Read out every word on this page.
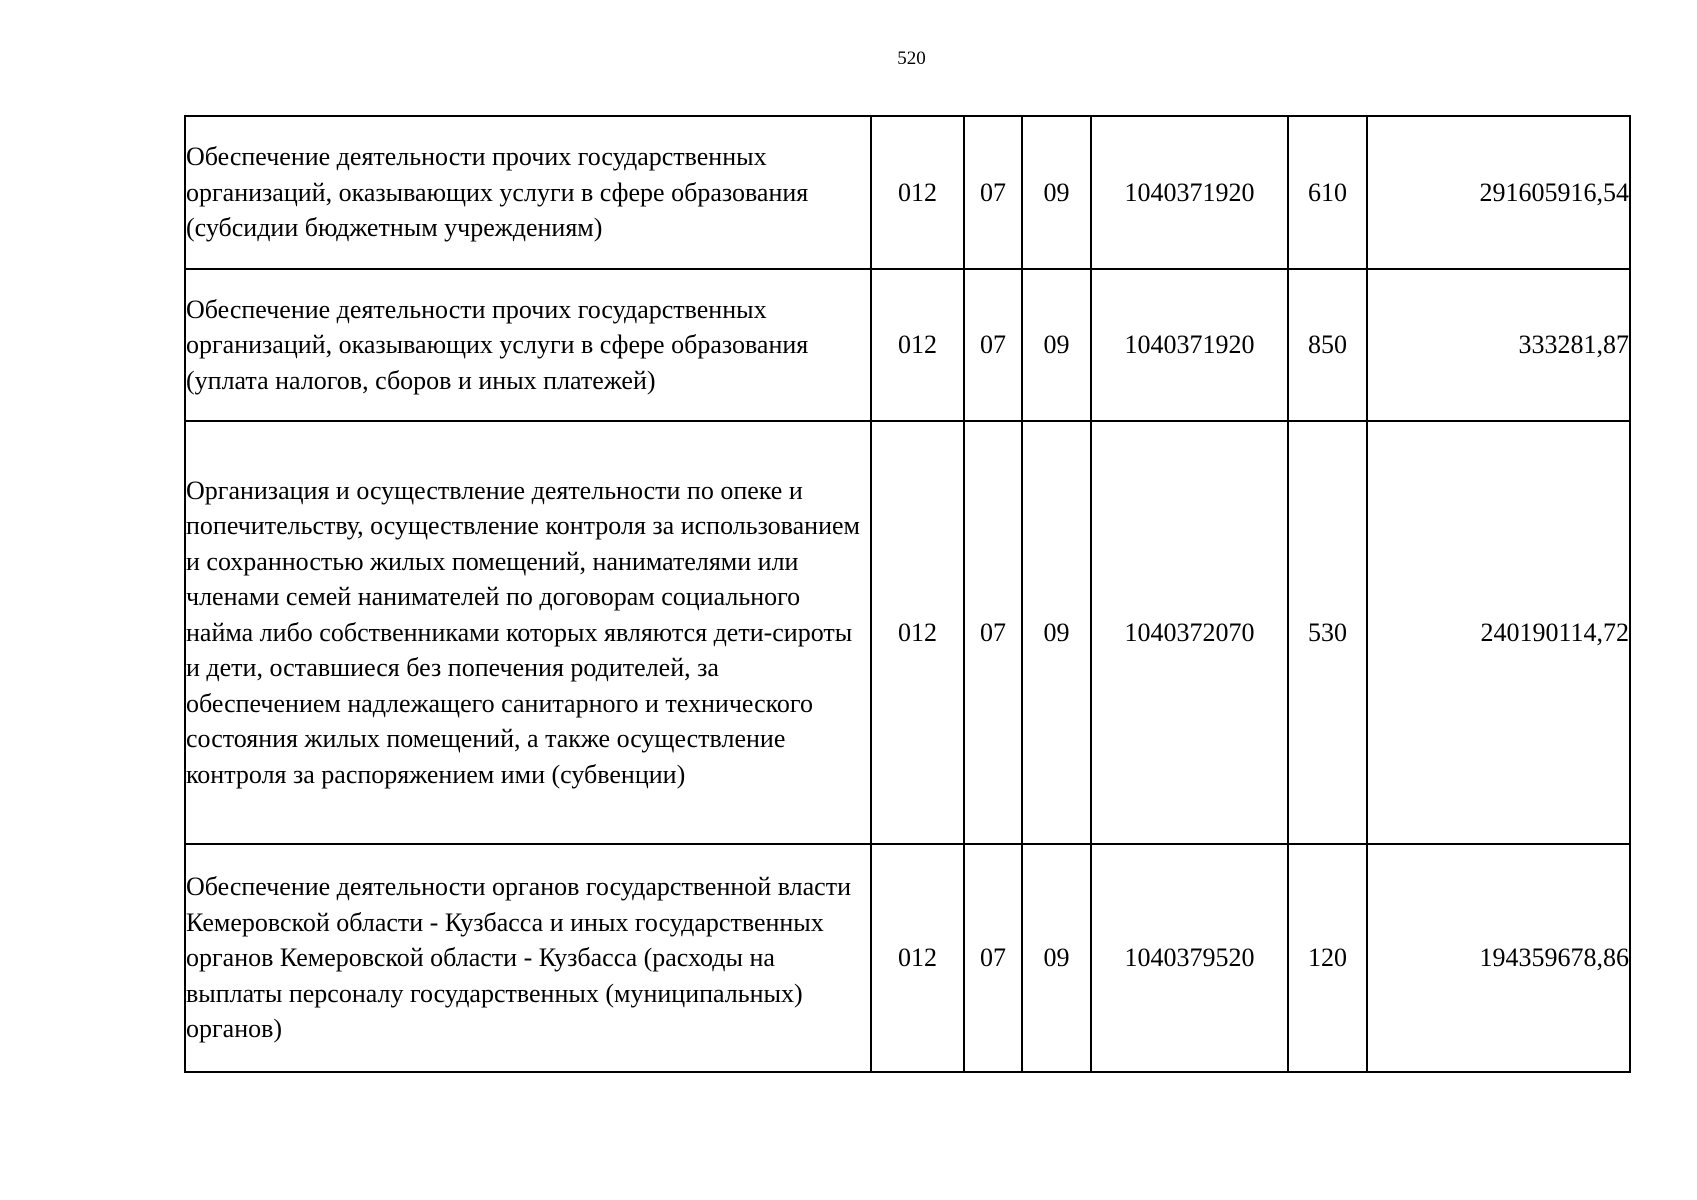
520
Обеспечение деятельности прочих государственных организаций, оказывающих услуги в сфере образования (субсидии бюджетным учреждениям)	012	07	09	1040371920	610	291605916,54
Обеспечение деятельности прочих государственных организаций, оказывающих услуги в сфере образования (уплата налогов, сборов и иных платежей)	012	07	09	1040371920	850	333281,87
Организация и осуществление деятельности по опеке и попечительству, осуществление контроля за использованием и сохранностью жилых помещений, нанимателями или членами семей нанимателей по договорам социального найма либо собственниками которых являются дети-сироты и дети, оставшиеся без попечения родителей, за обеспечением надлежащего санитарного и технического состояния жилых помещений, а также осуществление контроля за распоряжением ими (субвенции)	012	07	09	1040372070	530	240190114,72
Обеспечение деятельности органов государственной власти Кемеровской области - Кузбасса и иных государственных органов Кемеровской области - Кузбасса (расходы на выплаты персоналу государственных (муниципальных) органов)	012	07	09	1040379520	120	194359678,86
